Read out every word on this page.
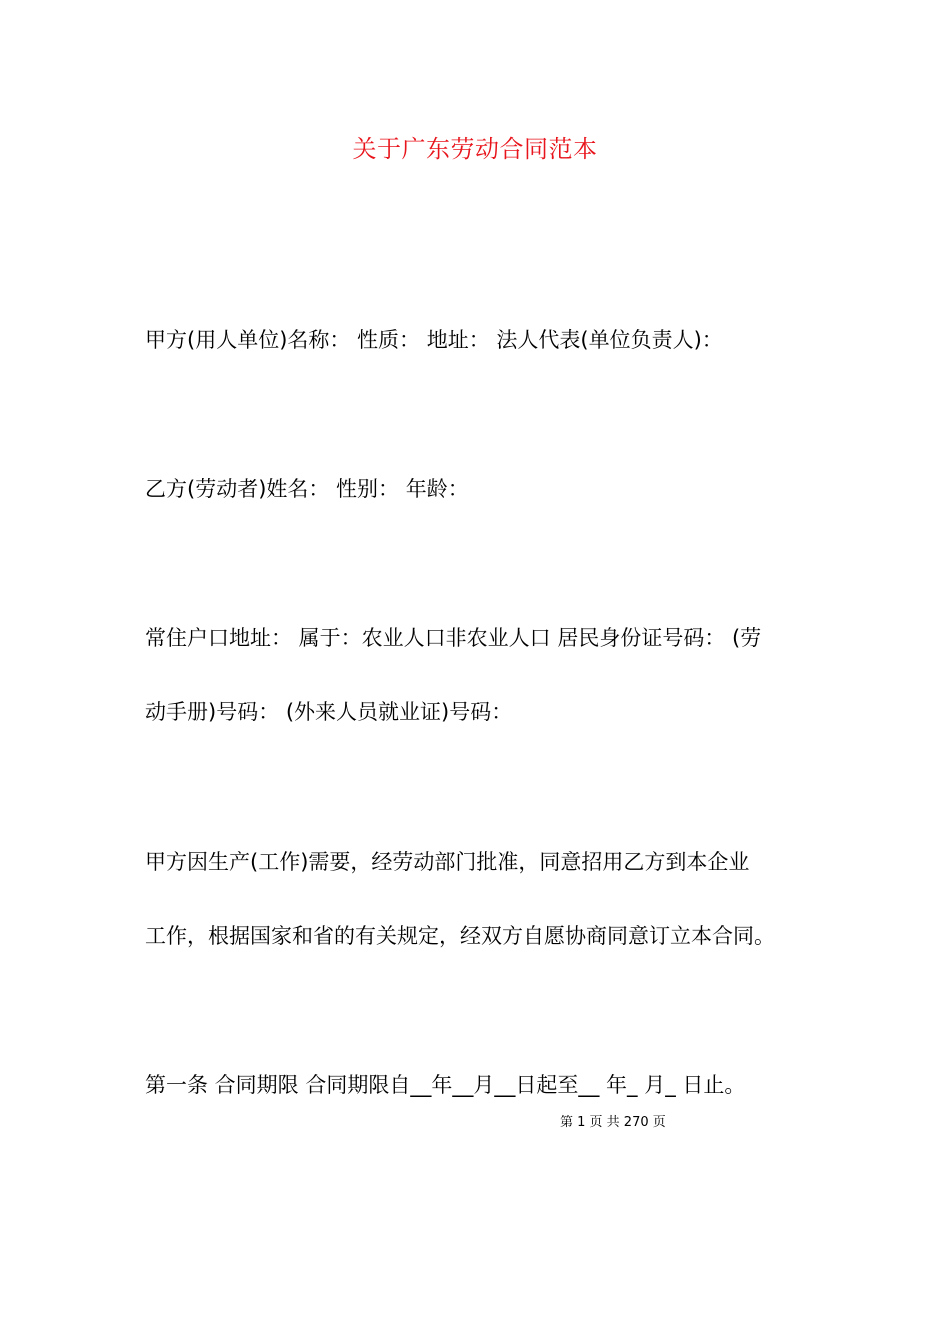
关于广东劳动合同范本

甲方(用人单位)名称： 性质： 地址： 法人代表(单位负责人)：

乙方(劳动者)姓名： 性别： 年龄：

常住户口地址： 属于：农业人口非农业人口 居民身份证号码： (劳
动手册)号码： (外来人员就业证)号码：

甲方因生产(工作)需要，经劳动部门批准，同意招用乙方到本企业
工作，根据国家和省的有关规定，经双方自愿协商同意订立本合同。

第一条 合同期限 合同期限自__年__月__日起至__ 年_ 月_ 日止。

第 1 页 共 270 页
